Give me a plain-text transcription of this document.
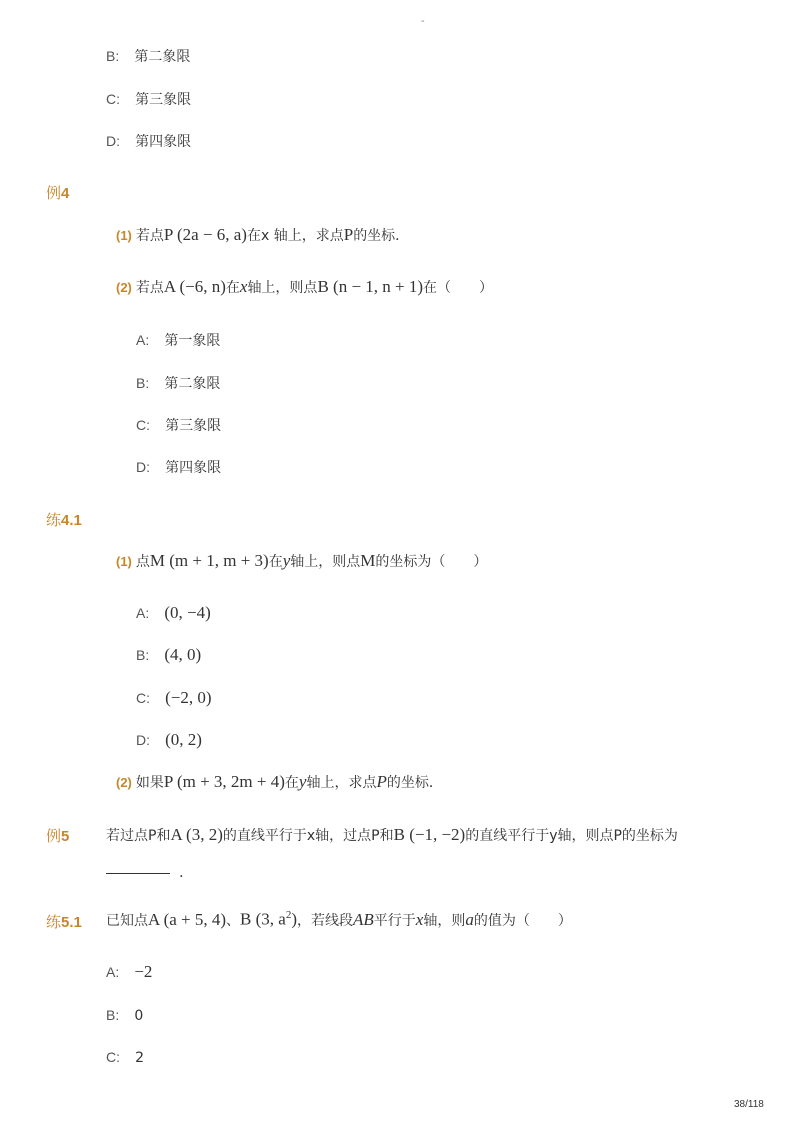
-
B: 第二象限
C: 第三象限
D: 第四象限
例4
(1) 若点 P (2a − 6, a) 在x 轴上，求点 P 的坐标．
(2) 若点 A (−6, n) 在 x 轴上，则点 B (n − 1, n + 1) 在（　　）
A: 第一象限
B: 第二象限
C: 第三象限
D: 第四象限
练4.1
(1) 点 M (m + 1, m + 3) 在 y 轴上，则点 M 的坐标为（　　）
A: (0, −4)
B: (4, 0)
C: (−2, 0)
D: (0, 2)
(2) 如果 P (m + 3, 2m + 4) 在 y 轴上，求点 P 的坐标．
例5	若过点P和 A (3, 2) 的直线平行于x轴，过点P和 B (−1, −2) 的直线平行于y轴，则点P的坐标为
．
练5.1 已知点 A (a + 5, 4) 、 B (3, $a^2$) ，若线段 AB 平行于 x 轴，则 a 的值为（　　）
A: −2
B: 0
C: 2
38/118
